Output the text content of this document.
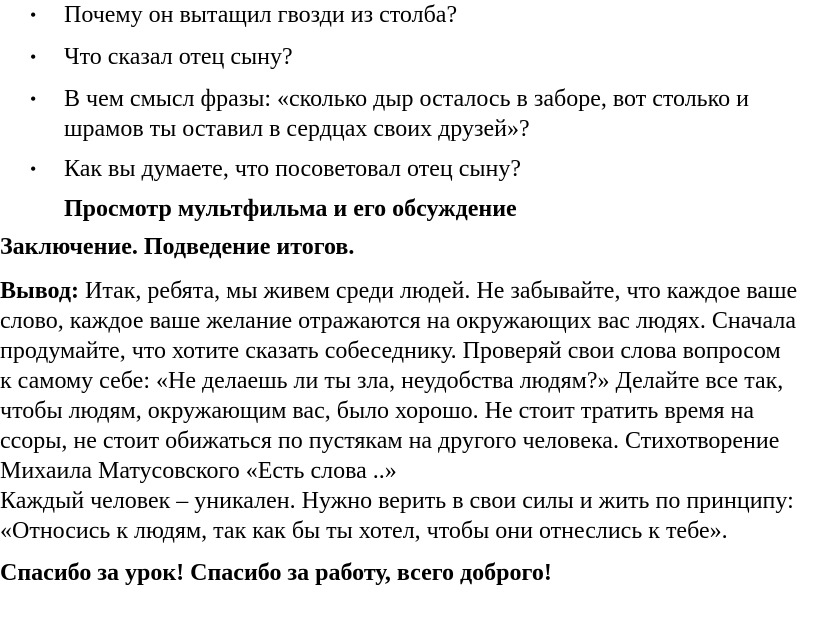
• Почему он вытащил гвозди из столба?
• Что сказал отец сыну?
• В чем смысл фразы: «сколько дыр осталось в заборе, вот столько и
шрамов ты оставил в сердцах своих друзей»?
• Как вы думаете, что посоветовал отец сыну?
Просмотр мультфильма и его обсуждение
Заключение. Подведение итогов.
Вывод: Итак, ребята, мы живем среди людей. Не забывайте, что каждое ваше
слово, каждое ваше желание отражаются на окружающих вас людях. Сначала
продумайте, что хотите сказать собеседнику. Проверяй свои слова вопросом
к самому себе: «Не делаешь ли ты зла, неудобства людям?» Делайте все так,
чтобы людям, окружающим вас, было хорошо. Не стоит тратить время на
ссоры, не стоит обижаться по пустякам на другого человека. Стихотворение
Михаила Матусовского «Есть слова ..»
Каждый человек – уникален. Нужно верить в свои силы и жить по принципу:
«Относись к людям, так как бы ты хотел, чтобы они отнеслись к тебе».
Спасибо за урок! Спасибо за работу, всего доброго!
